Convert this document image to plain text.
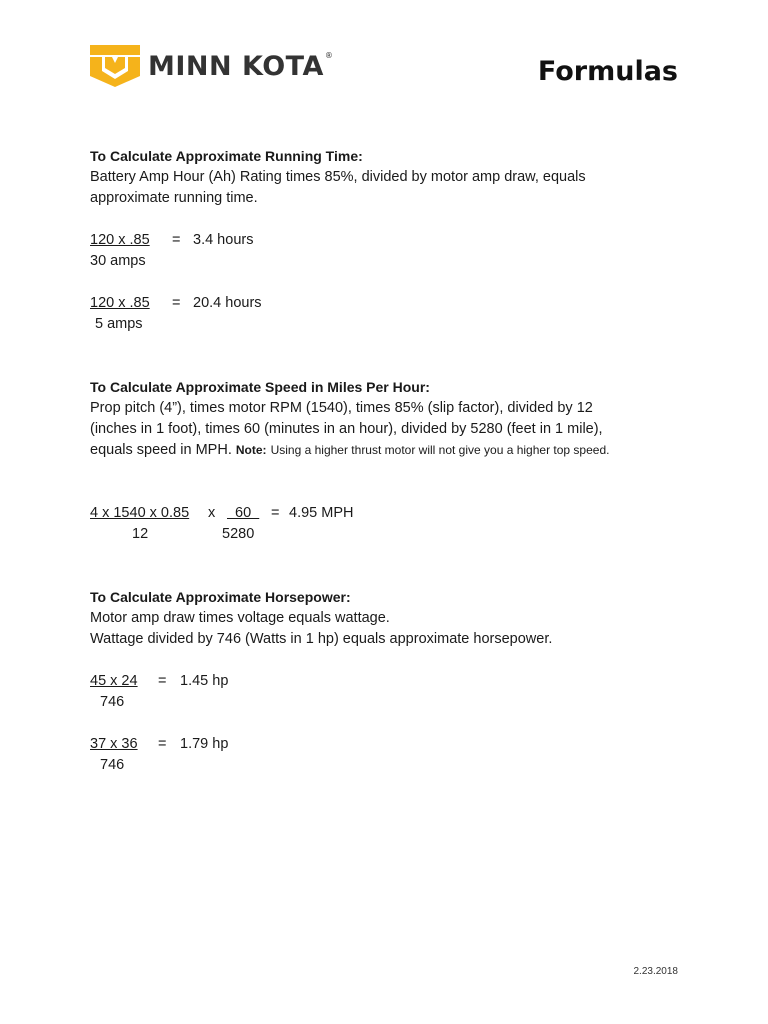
MINN KOTA®
Formulas
To Calculate Approximate Running Time:

Battery Amp Hour (Ah) Rating times 85%, divided by motor amp draw, equals

approximate running time.

120 x .85 = 3.4 hours
30 amps
120 x .85 = 20.4 hours
5 amps
To Calculate Approximate Speed in Miles Per Hour:

Prop pitch (4”), times motor RPM (1540), times 85% (slip factor), divided by 12

(inches in 1 foot), times 60 (minutes in an hour), divided by 5280 (feet in 1 mile),

equals speed in MPH. Note: Using a higher thrust motor will not give you a higher top speed.

4 x 1540 x 0.85 x 60 = 4.95 MPH
12	5280
To Calculate Approximate Horsepower:

Motor amp draw times voltage equals wattage.

Wattage divided by 746 (Watts in 1 hp) equals approximate horsepower.

45 x 24 = 1.45 hp
746
37 x 36 = 1.79 hp
746
2.23.2018
